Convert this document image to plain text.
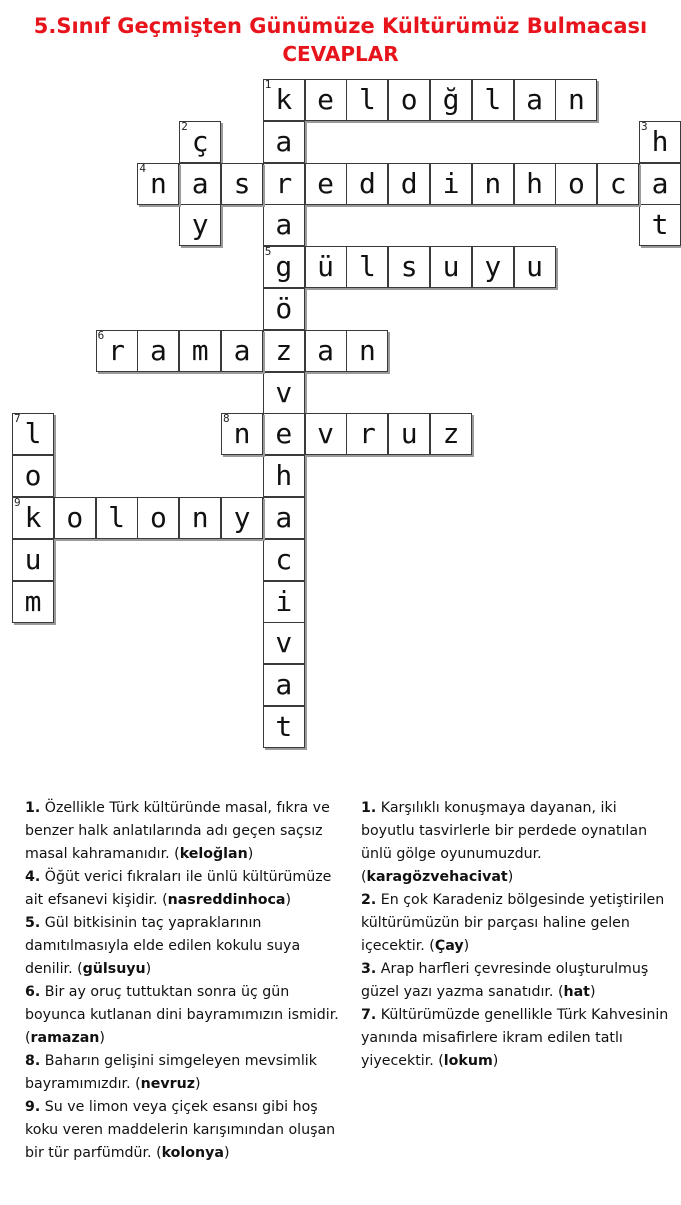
5.Sınıf Geçmişten Günümüze Kültürümüz Bulmacası
CEVAPLAR
k
1 e l o ğ l a n
a
r
a
g
5
ö
z
v
e
h
a
c
i
v
a
t
ç
2
a
y
h
3
a
t
n
4	s e d d i n h o c
ü l s u y u
r
6 a m a a n
l
7
o
k
9
u
m
n
8	v r u z
o l o n y

1. Özellikle Türk kültüründe masal, fıkra ve benzer halk anlatılarında adı geçen saçsız masal kahramanıdır. (keloğlan)

4. Öğüt verici fıkraları ile ünlü kültürümüze ait efsanevi kişidir. (nasreddinhoca)

5. Gül bitkisinin taç yapraklarının damıtılmasıyla elde edilen kokulu suya denilir. (gülsuyu)

6. Bir ay oruç tuttuktan sonra üç gün boyunca kutlanan dini bayramımızın ismidir. (ramazan)

8. Baharın gelişini simgeleyen mevsimlik bayramımızdır. (nevruz)

9. Su ve limon veya çiçek esansı gibi hoş koku veren maddelerin karışımından oluşan bir tür parfümdür. (kolonya)

1. Karşılıklı konuşmaya dayanan, iki boyutlu tasvirlerle bir perdede oynatılan ünlü gölge oyunumuzdur. (karagözvehacivat)

2. En çok Karadeniz bölgesinde yetiştirilen kültürümüzün bir parçası haline gelen içecektir. (Çay)

3. Arap harfleri çevresinde oluşturulmuş güzel yazı yazma sanatıdır. (hat)

7. Kültürümüzde genellikle Türk Kahvesinin yanında misafirlere ikram edilen tatlı yiyecektir. (lokum)
